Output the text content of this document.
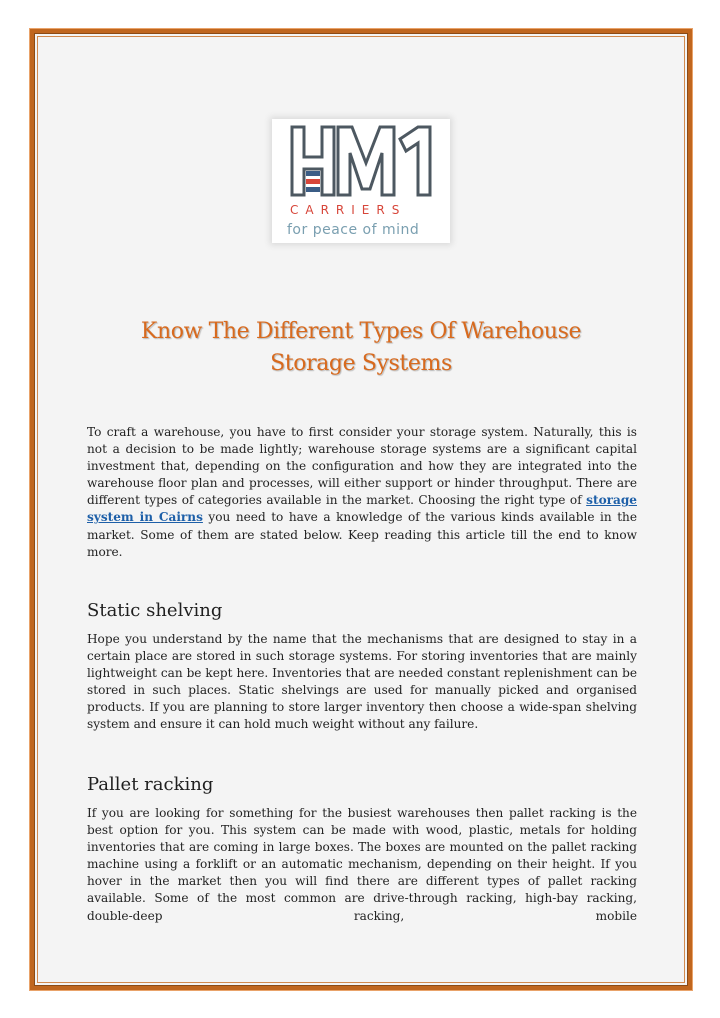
CARRIERS
for peace of mind
Know The Different Types Of Warehouse
Storage Systems
To craft a warehouse, you have to first consider your storage system. Naturally, this is not a decision to be made lightly; warehouse storage systems are a significant capital investment that, depending on the configuration and how they are integrated into the warehouse floor plan and processes, will either support or hinder throughput. There are different types of categories available in the market. Choosing the right type of storage system in Cairns you need to have a knowledge of the various kinds available in the market. Some of them are stated below. Keep reading this article till the end to know more.
Static shelving
Hope you understand by the name that the mechanisms that are designed to stay in a certain place are stored in such storage systems. For storing inventories that are mainly lightweight can be kept here. Inventories that are needed constant replenishment can be stored in such places. Static shelvings are used for manually picked and organised products. If you are planning to store larger inventory then choose a wide-span shelving system and ensure it can hold much weight without any failure.
Pallet racking
If you are looking for something for the busiest warehouses then pallet racking is the best option for you. This system can be made with wood, plastic, metals for holding inventories that are coming in large boxes. The boxes are mounted on the pallet racking machine using a forklift or an automatic mechanism, depending on their height. If you hover in the market then you will find there are different types of pallet racking available. Some of the most common are drive-through racking, high-bay racking, double-deep racking, mobile
